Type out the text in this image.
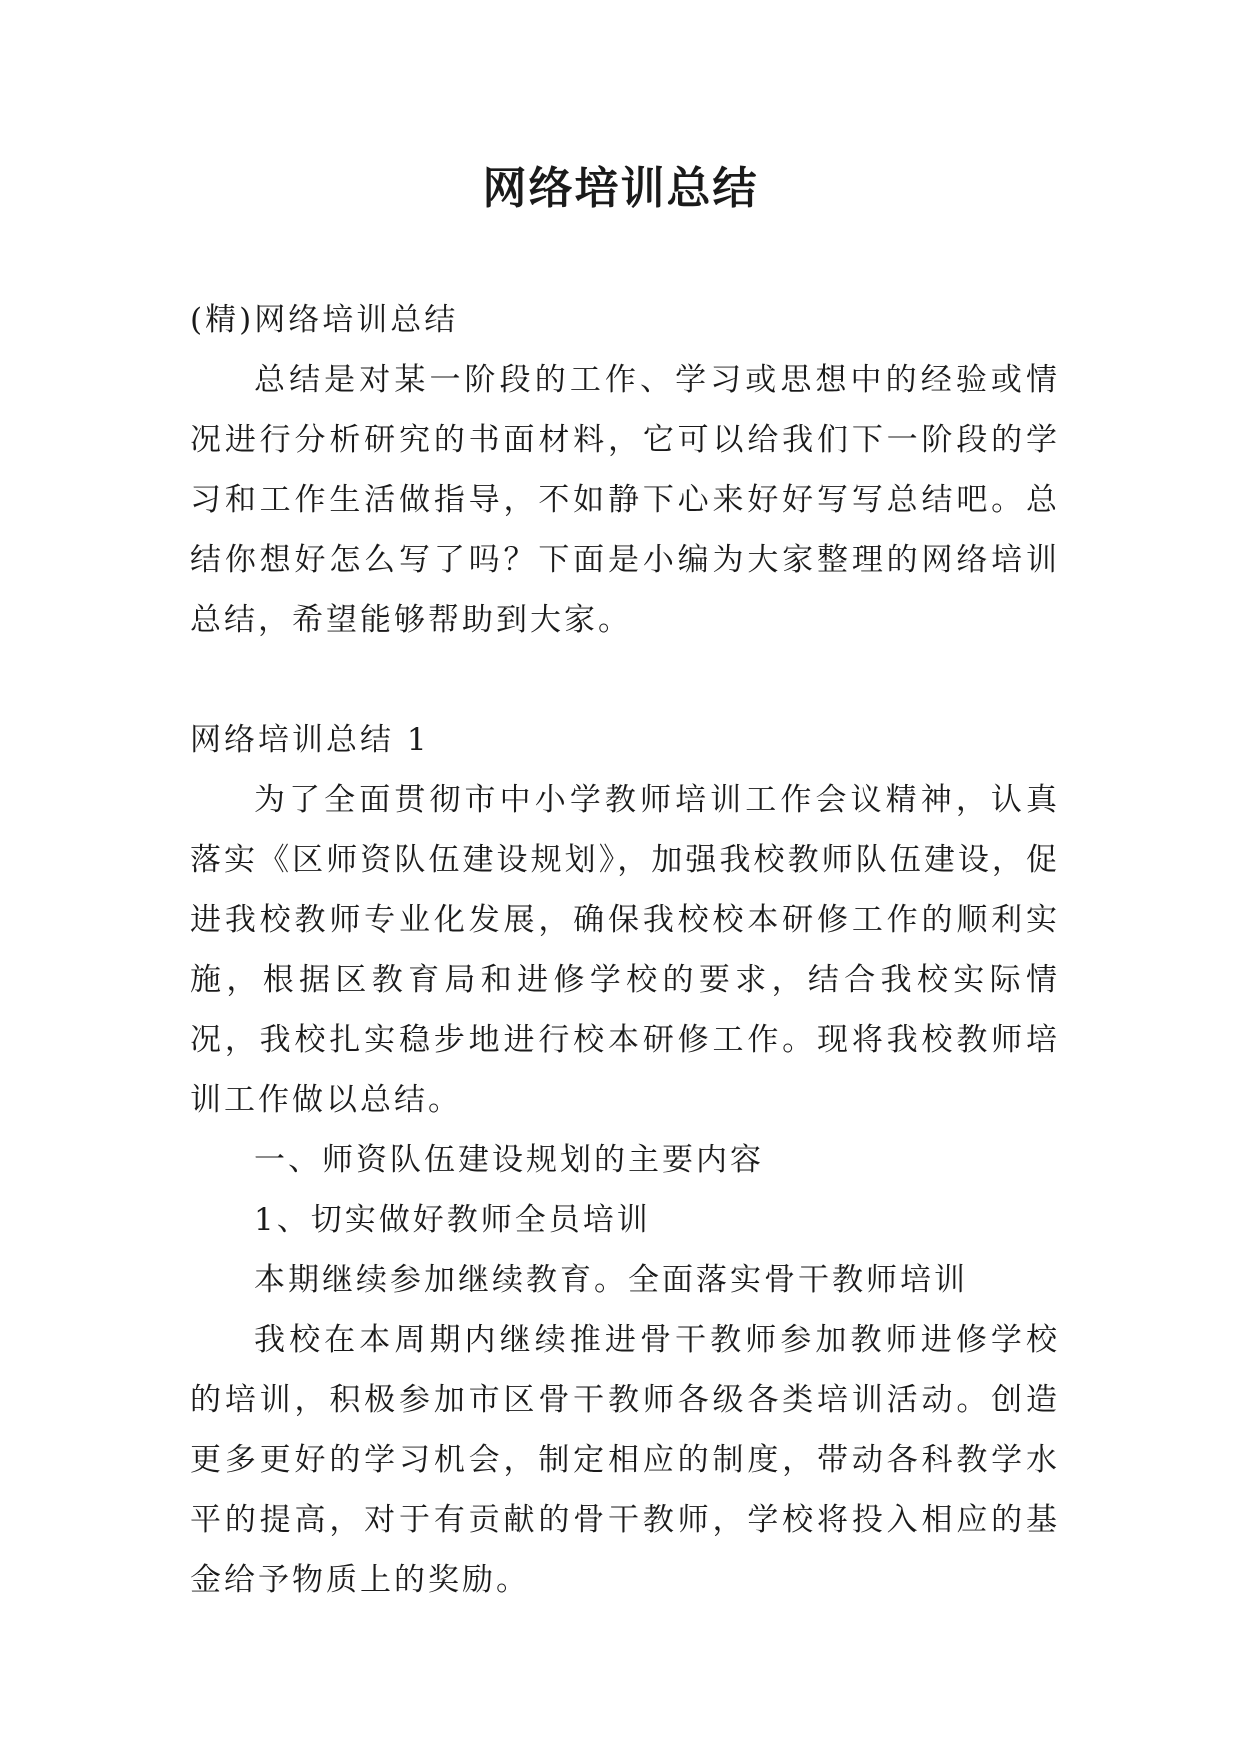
网络培训总结

(精)网络培训总结

总结是对某一阶段的工作、学习或思想中的经验或情况进行分析研究的书面材料，它可以给我们下一阶段的学习和工作生活做指导，不如静下心来好好写写总结吧。总结你想好怎么写了吗？下面是小编为大家整理的网络培训总结，希望能够帮助到大家。

网络培训总结 1

为了全面贯彻市中小学教师培训工作会议精神，认真落实《区师资队伍建设规划》，加强我校教师队伍建设，促进我校教师专业化发展，确保我校校本研修工作的顺利实施，根据区教育局和进修学校的要求，结合我校实际情况，我校扎实稳步地进行校本研修工作。现将我校教师培训工作做以总结。

一、师资队伍建设规划的主要内容

1、切实做好教师全员培训

本期继续参加继续教育。全面落实骨干教师培训

我校在本周期内继续推进骨干教师参加教师进修学校的培训，积极参加市区骨干教师各级各类培训活动。创造更多更好的学习机会，制定相应的制度，带动各科教学水平的提高，对于有贡献的骨干教师，学校将投入相应的基金给予物质上的奖励。
